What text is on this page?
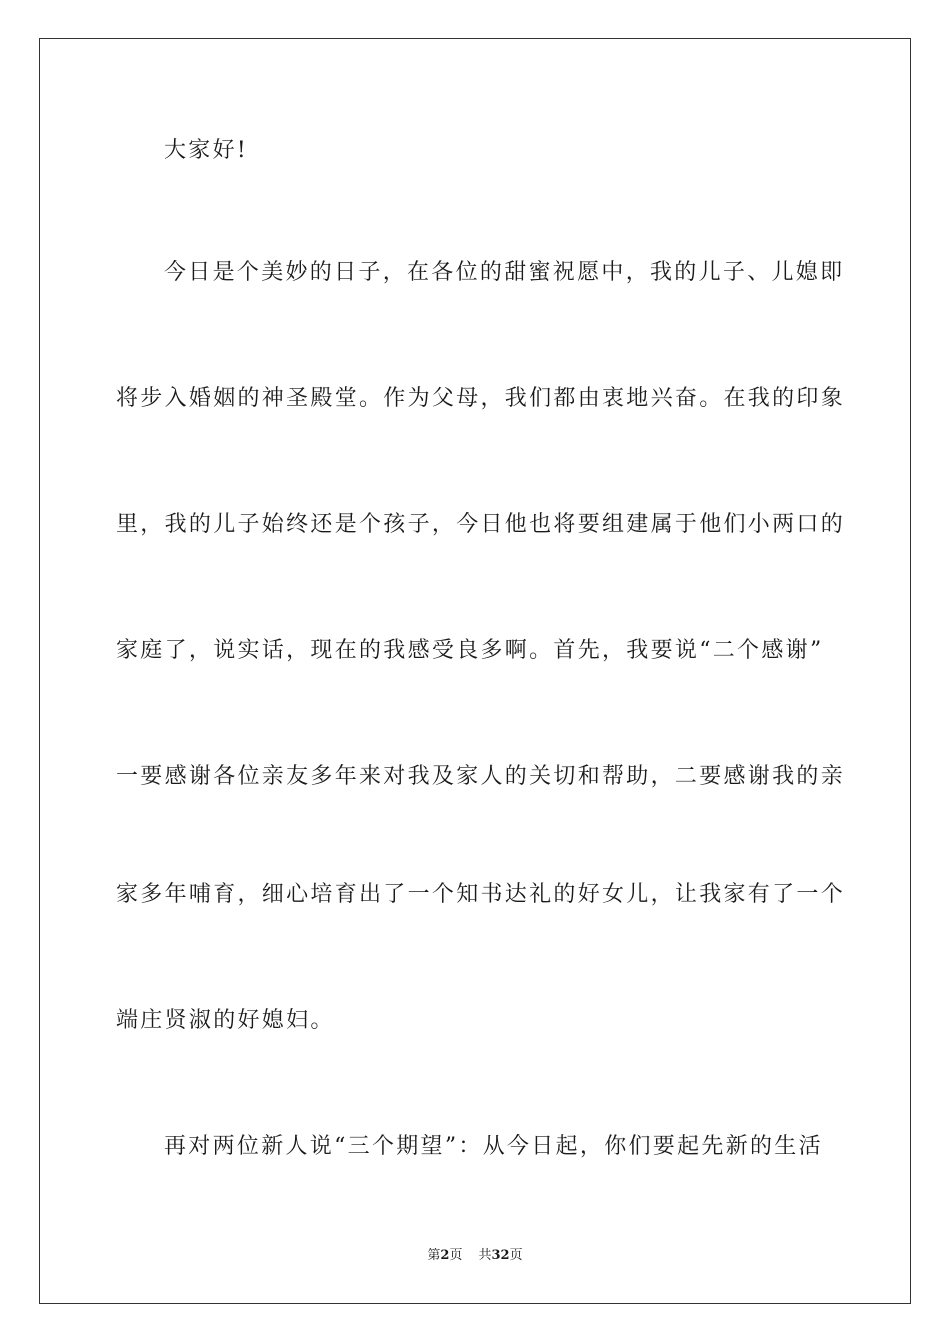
大家好!
今日是个美妙的日子，在各位的甜蜜祝愿中，我的儿子、儿媳即
将步入婚姻的神圣殿堂。作为父母，我们都由衷地兴奋。在我的印象
里，我的儿子始终还是个孩子，今日他也将要组建属于他们小两口的
家庭了，说实话，现在的我感受良多啊。首先，我要说“二个感谢”
一要感谢各位亲友多年来对我及家人的关切和帮助，二要感谢我的亲
家多年哺育，细心培育出了一个知书达礼的好女儿，让我家有了一个
端庄贤淑的好媳妇。
再对两位新人说“三个期望”：从今日起，你们要起先新的生活
第2页 共32页
